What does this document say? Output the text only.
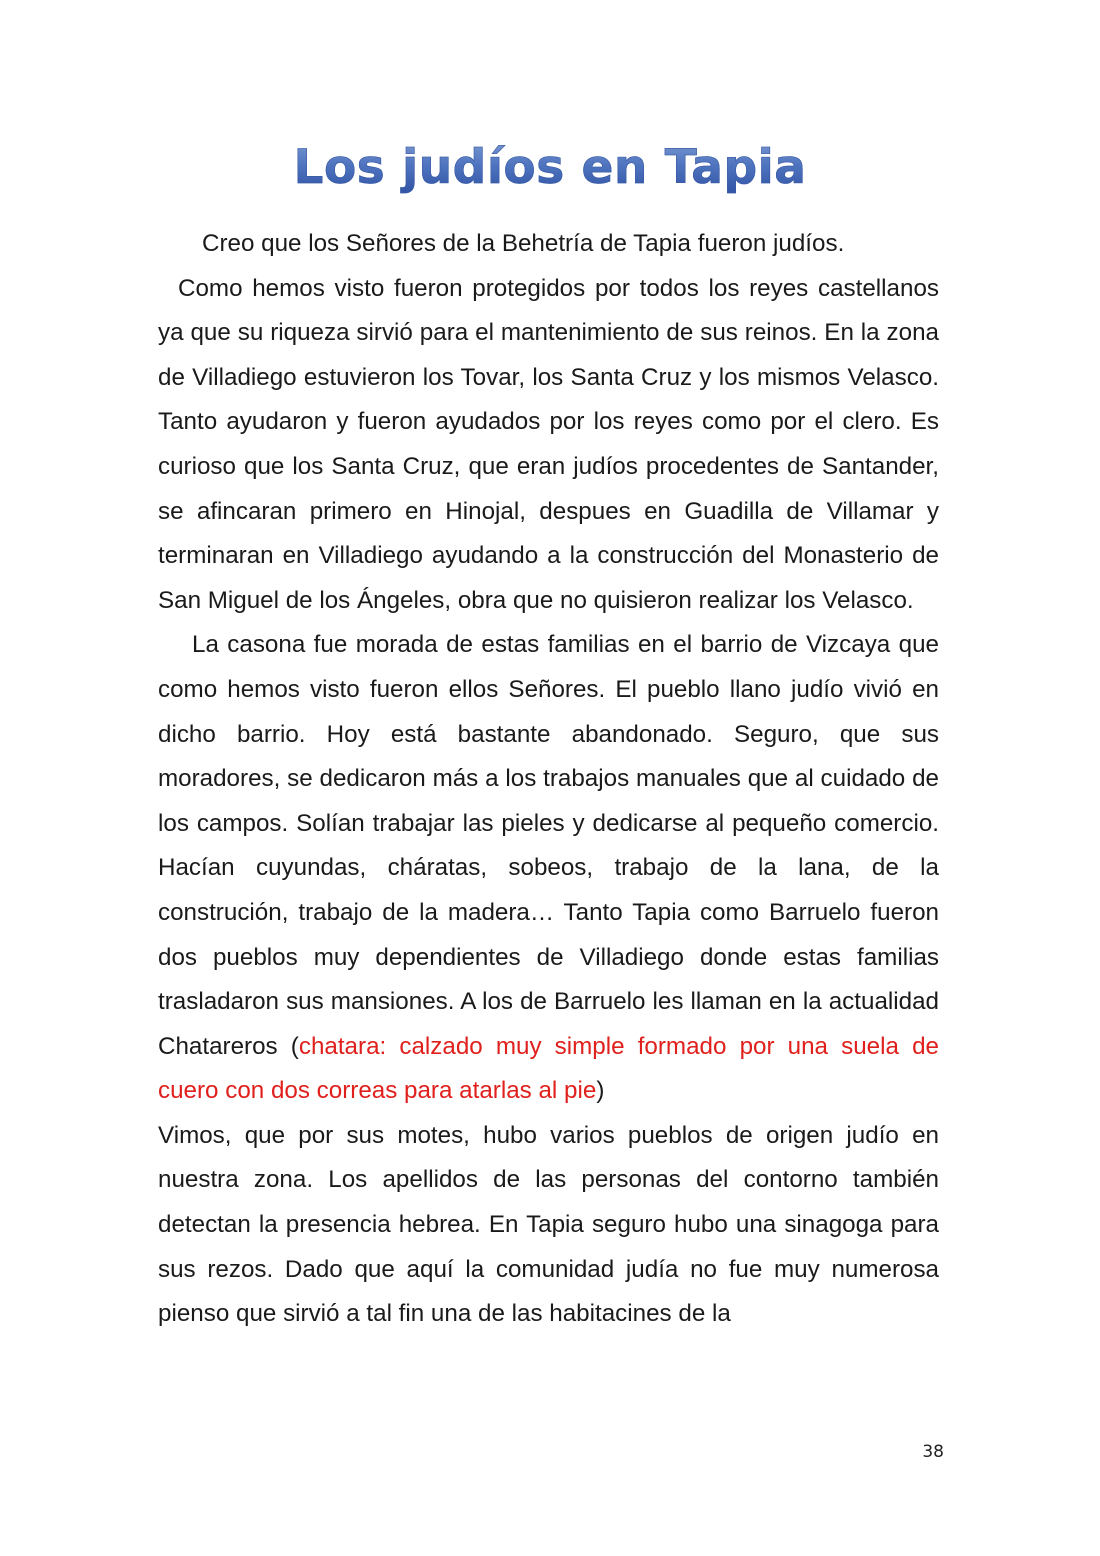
Los judíos en Tapia

Creo que los Señores de la Behetría de Tapia fueron judíos.

Como hemos visto fueron protegidos por todos los reyes castellanos ya que su riqueza sirvió para el mantenimiento de sus reinos. En la zona de Villadiego estuvieron los Tovar, los Santa Cruz y los mismos Velasco. Tanto ayudaron y fueron ayudados por los reyes como por el clero. Es curioso que los Santa Cruz, que eran judíos procedentes de Santander, se afincaran primero en Hinojal, despues en Guadilla de Villamar y terminaran en Villadiego ayudando a la construcción del Monasterio de San Miguel de los Ángeles, obra que no quisieron realizar los Velasco.

La casona fue morada de estas familias en el barrio de Vizcaya que como hemos visto fueron ellos Señores. El pueblo llano judío vivió en dicho barrio. Hoy está bastante abandonado. Seguro, que sus moradores, se dedicaron más a los trabajos manuales que al cuidado de los campos. Solían trabajar las pieles y dedicarse al pequeño comercio. Hacían cuyundas, cháratas, sobeos, trabajo de la lana, de la construción, trabajo de la madera… Tanto Tapia como Barruelo fueron dos pueblos muy dependientes de Villadiego donde estas familias trasladaron sus mansiones. A los de Barruelo les llaman en la actualidad Chatareros (chatara: calzado muy simple formado por una suela de cuero con dos correas para atarlas al pie)

Vimos, que por sus motes, hubo varios pueblos de origen judío en nuestra zona. Los apellidos de las personas del contorno también detectan la presencia hebrea. En Tapia seguro hubo una sinagoga para sus rezos. Dado que aquí la comunidad judía no fue muy numerosa pienso que sirvió a tal fin una de las habitacines de la

38
